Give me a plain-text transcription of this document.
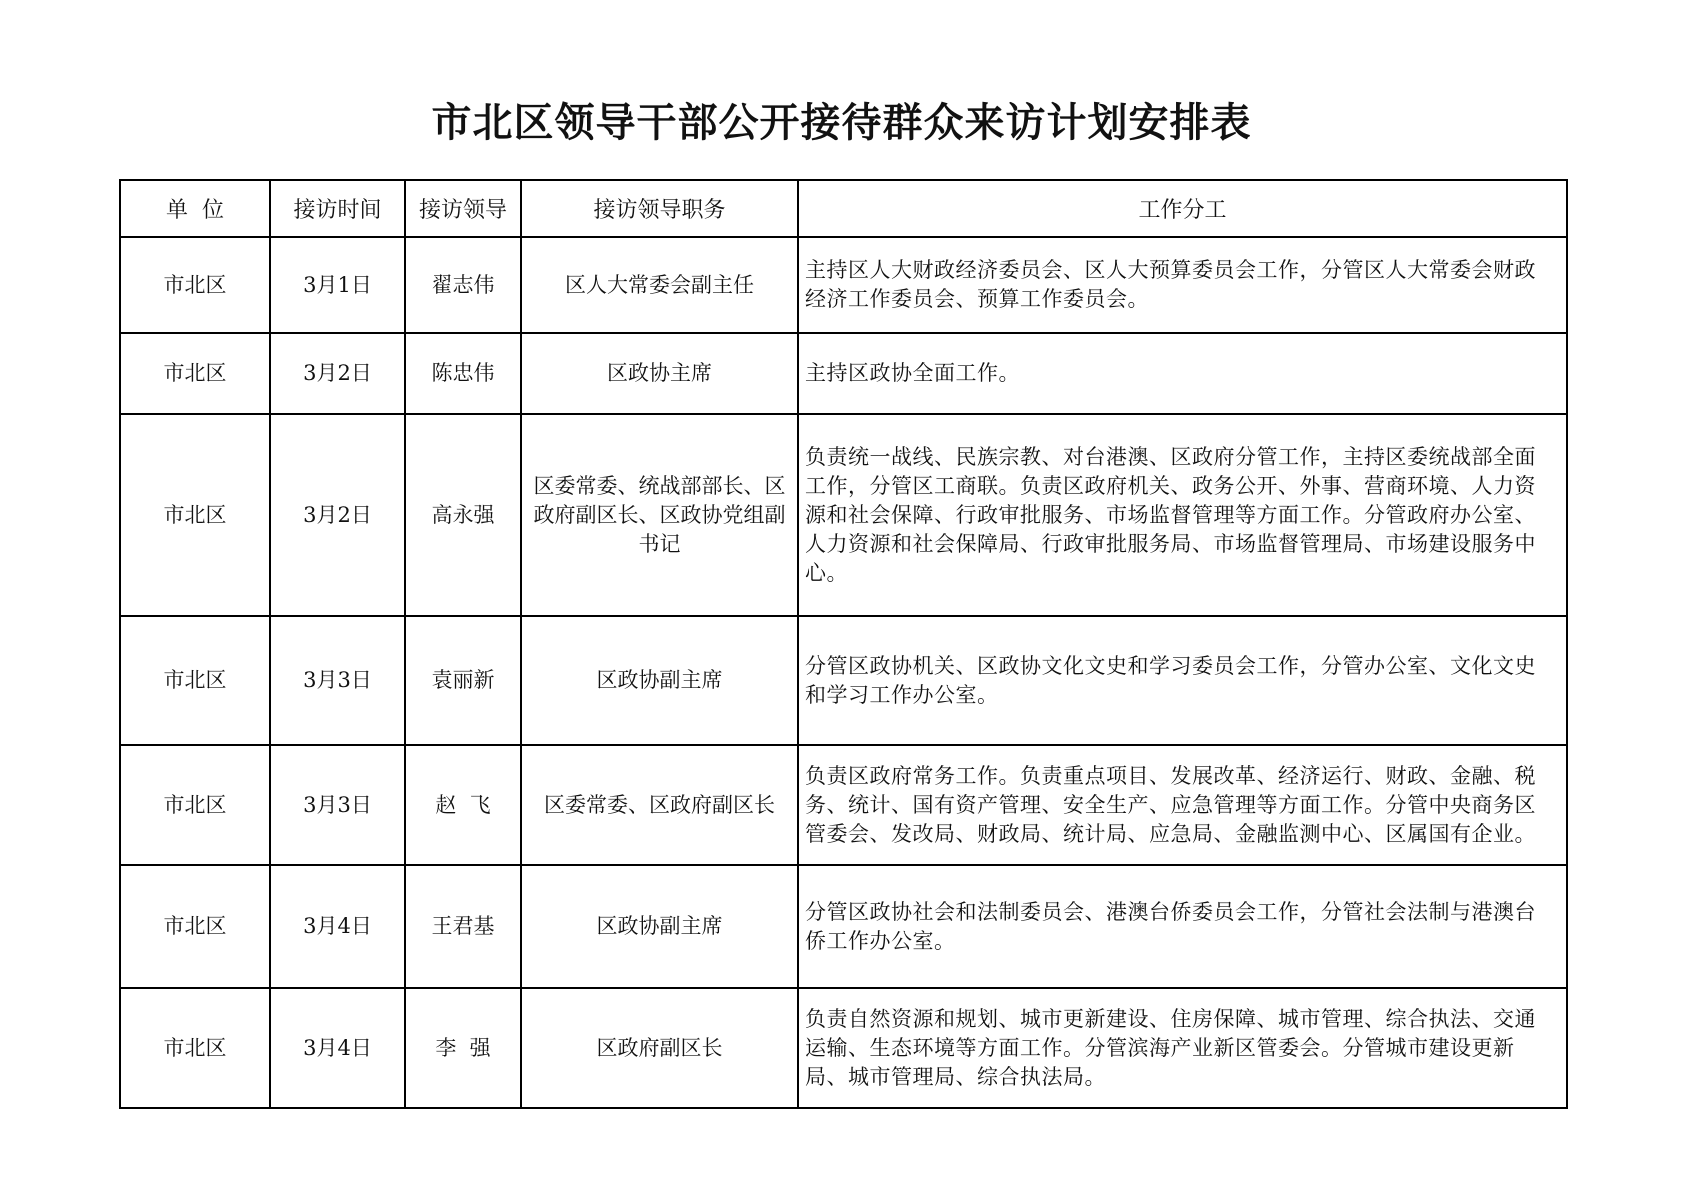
市北区领导干部公开接待群众来访计划安排表
单  位	接访时间	接访领导	接访领导职务	工作分工
市北区	3月1日	翟志伟	区人大常委会副主任	主持区人大财政经济委员会、区人大预算委员会工作，分管区人大常委会财政经济工作委员会、预算工作委员会。
市北区	3月2日	陈忠伟	区政协主席	主持区政协全面工作。
市北区	3月2日	高永强	区委常委、统战部部长、区政府副区长、区政协党组副书记	负责统一战线、民族宗教、对台港澳、区政府分管工作，主持区委统战部全面工作，分管区工商联。负责区政府机关、政务公开、外事、营商环境、人力资源和社会保障、行政审批服务、市场监督管理等方面工作。分管政府办公室、人力资源和社会保障局、行政审批服务局、市场监督管理局、市场建设服务中心。
市北区	3月3日	袁丽新	区政协副主席	分管区政协机关、区政协文化文史和学习委员会工作，分管办公室、文化文史和学习工作办公室。
市北区	3月3日	赵  飞	区委常委、区政府副区长	负责区政府常务工作。负责重点项目、发展改革、经济运行、财政、金融、税务、统计、国有资产管理、安全生产、应急管理等方面工作。分管中央商务区管委会、发改局、财政局、统计局、应急局、金融监测中心、区属国有企业。
市北区	3月4日	王君基	区政协副主席	分管区政协社会和法制委员会、港澳台侨委员会工作，分管社会法制与港澳台侨工作办公室。
市北区	3月4日	李  强	区政府副区长	负责自然资源和规划、城市更新建设、住房保障、城市管理、综合执法、交通运输、生态环境等方面工作。分管滨海产业新区管委会。分管城市建设更新局、城市管理局、综合执法局。
